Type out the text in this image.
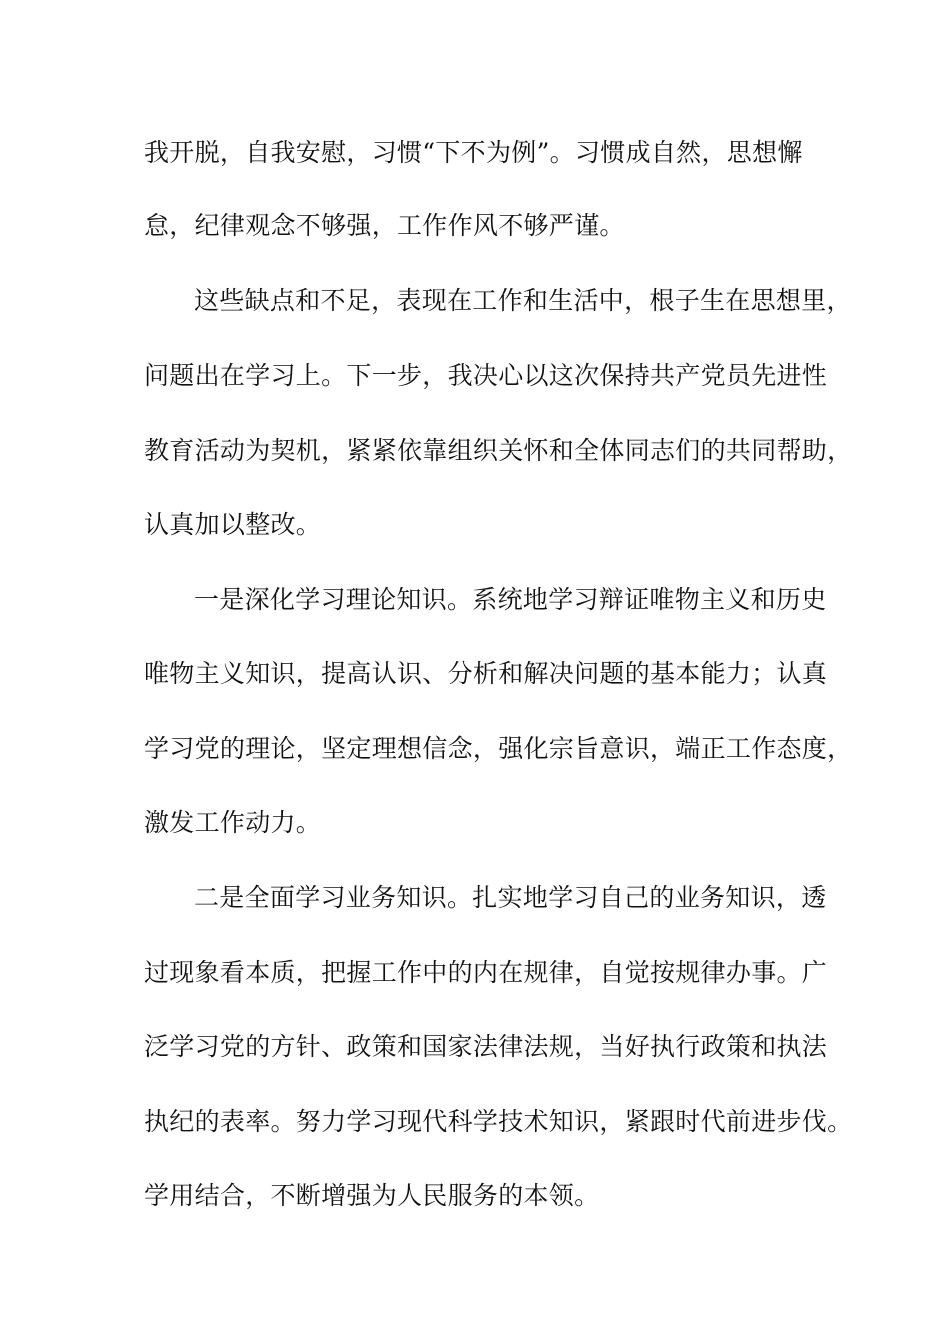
我开脱，自我安慰，习惯“下不为例”。习惯成自然，思想懈
怠，纪律观念不够强，工作作风不够严谨。
这些缺点和不足，表现在工作和生活中，根子生在思想里，
问题出在学习上。下一步，我决心以这次保持共产党员先进性
教育活动为契机，紧紧依靠组织关怀和全体同志们的共同帮助，
认真加以整改。
一是深化学习理论知识。系统地学习辩证唯物主义和历史
唯物主义知识，提高认识、分析和解决问题的基本能力；认真
学习党的理论，坚定理想信念，强化宗旨意识，端正工作态度，
激发工作动力。
二是全面学习业务知识。扎实地学习自己的业务知识，透
过现象看本质，把握工作中的内在规律，自觉按规律办事。广
泛学习党的方针、政策和国家法律法规，当好执行政策和执法
执纪的表率。努力学习现代科学技术知识，紧跟时代前进步伐。
学用结合，不断增强为人民服务的本领。
